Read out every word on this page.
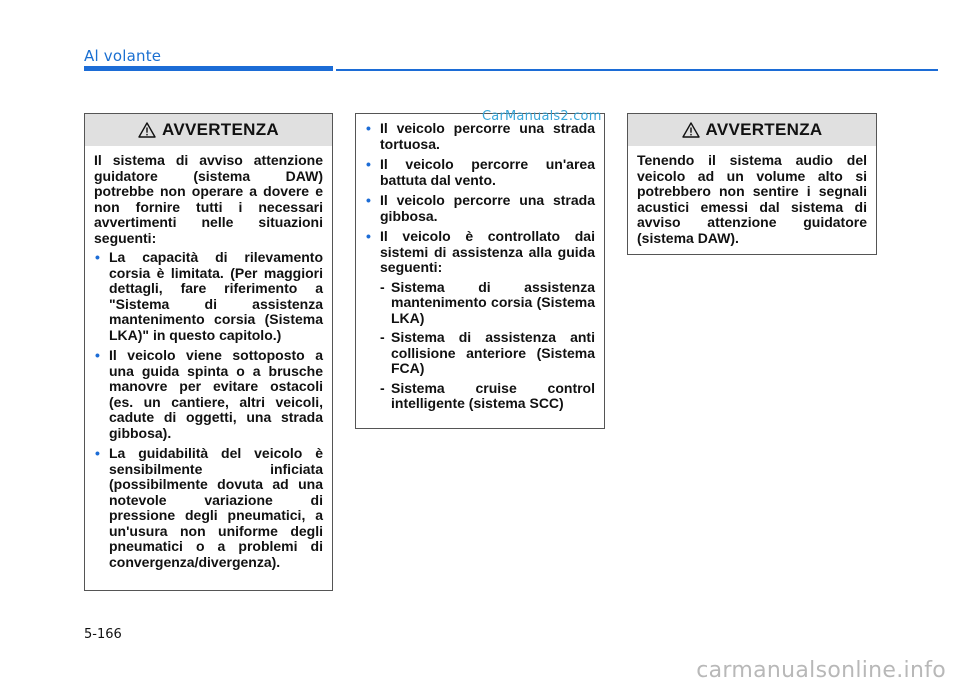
Al volante
AVVERTENZA

Il sistema di avviso attenzione guidatore (sistema DAW) potrebbe non operare a dovere e non fornire tutti i necessari avvertimenti nelle situazioni seguenti:

• La capacità di rilevamento corsia è limitata. (Per maggiori dettagli, fare riferimento a "Sistema di assistenza mantenimento corsia (Sistema LKA)" in questo capitolo.)
• Il veicolo viene sottoposto a una guida spinta o a brusche manovre per evitare ostacoli (es. un cantiere, altri veicoli, cadute di oggetti, una strada gibbosa).
• La guidabilità del veicolo è sensibilmente inficiata (possibilmente dovuta ad una notevole variazione di pressione degli pneumatici, a un'usura non uniforme degli pneumatici o a problemi di convergenza/divergenza).
• Il veicolo percorre una strada tortuosa.
• Il veicolo percorre un'area battuta dal vento.
• Il veicolo percorre una strada gibbosa.
• Il veicolo è controllato dai sistemi di assistenza alla guida seguenti:
- Sistema di assistenza mantenimento corsia (Sistema LKA)
- Sistema di assistenza anti collisione anteriore (Sistema FCA)
- Sistema cruise control intelligente (sistema SCC)
AVVERTENZA

Tenendo il sistema audio del veicolo ad un volume alto si potrebbero non sentire i segnali acustici emessi dal sistema di avviso attenzione guidatore (sistema DAW).

CarManuals2.com
5-166
carmanualsonline.info
